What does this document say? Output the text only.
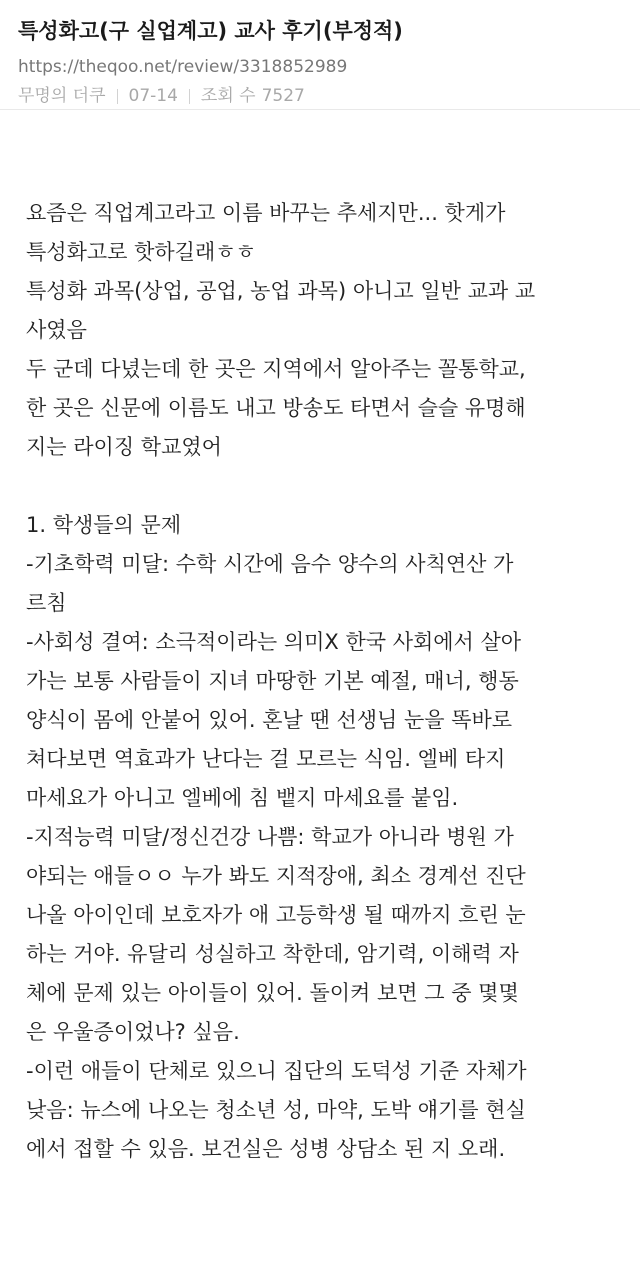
특성화고(구 실업계고) 교사 후기(부정적)
https://theqoo.net/review/3318852989
무명의 더쿠 07-14 조회 수 7527

요즘은 직업계고라고 이름 바꾸는 추세지만... 핫게가
특성화고로 핫하길래ㅎㅎ
특성화 과목(상업, 공업, 농업 과목) 아니고 일반 교과 교
사였음
두 군데 다녔는데 한 곳은 지역에서 알아주는 꼴통학교,
한 곳은 신문에 이름도 내고 방송도 타면서 슬슬 유명해
지는 라이징 학교였어

1. 학생들의 문제
-기초학력 미달: 수학 시간에 음수 양수의 사칙연산 가
르침
-사회성 결여: 소극적이라는 의미X 한국 사회에서 살아
가는 보통 사람들이 지녀 마땅한 기본 예절, 매너, 행동
양식이 몸에 안붙어 있어. 혼날 땐 선생님 눈을 똑바로
쳐다보면 역효과가 난다는 걸 모르는 식임. 엘베 타지
마세요가 아니고 엘베에 침 뱉지 마세요를 붙임.
-지적능력 미달/정신건강 나쁨: 학교가 아니라 병원 가
야되는 애들ㅇㅇ 누가 봐도 지적장애, 최소 경계선 진단
나올 아이인데 보호자가 애 고등학생 될 때까지 흐린 눈
하는 거야. 유달리 성실하고 착한데, 암기력, 이해력 자
체에 문제 있는 아이들이 있어. 돌이켜 보면 그 중 몇몇
은 우울증이었나? 싶음.
-이런 애들이 단체로 있으니 집단의 도덕성 기준 자체가
낮음: 뉴스에 나오는 청소년 성, 마약, 도박 얘기를 현실
에서 접할 수 있음. 보건실은 성병 상담소 된 지 오래.
